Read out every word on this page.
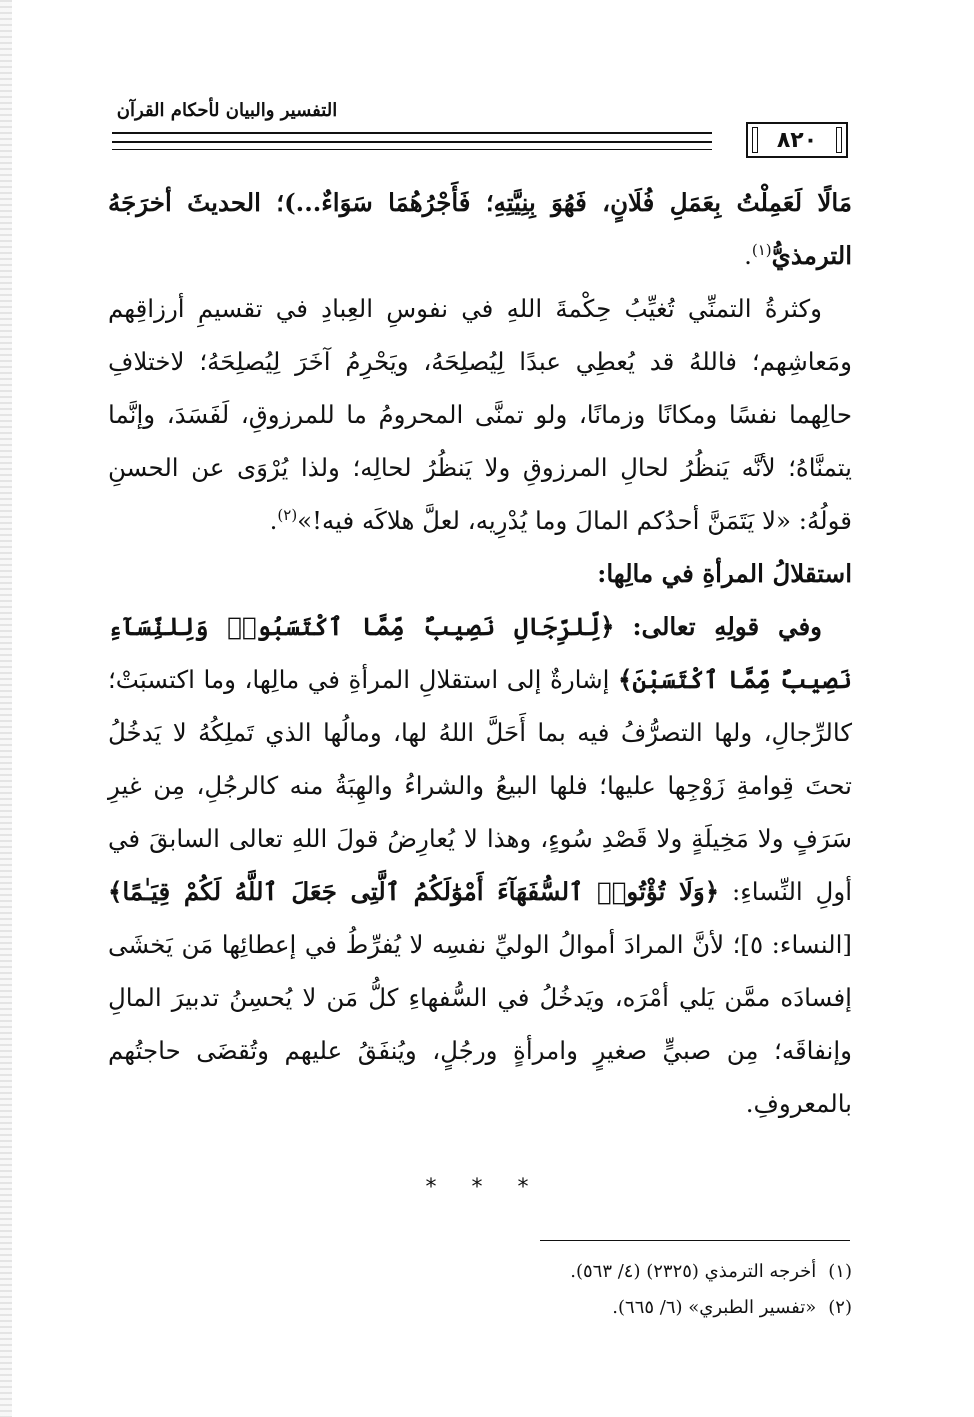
التفسير والبيان لأحكام القرآن
٨٢٠

مَالًا لَعَمِلْتُ بِعَمَلِ فُلَانٍ، فَهُوَ بِنِيَّتِهِ؛ فَأَجْرُهُمَا سَوَاءٌ...)؛ الحديثَ أخرَجَهُ الترمذيُّ$^{(١)}$.

وكثرةُ التمنِّي تُغيِّبُ حِكْمةَ اللهِ في نفوسِ العِبادِ في تقسيمِ أرزاقِهم ومَعاشِهم؛ فاللهُ قد يُعطِي عبدًا لِيُصلِحَهُ، ويَحْرِمُ آخَرَ لِيُصلِحَهُ؛ لاختلافِ حالِهما نفسًا ومكانًا وزمانًا، ولو تمنَّى المحرومُ ما للمرزوقِ، لَفَسَدَ، وإنَّما يتمنَّاهُ؛ لأنَّه يَنظُرُ لحالِ المرزوقِ ولا يَنظُرُ لحالِه؛ ولذا يُرْوَى عن الحسنِ قولُهُ: «لا يَتَمَنَّ أحدُكم المالَ وما يُدْرِيه، لعلَّ هلاكَه فيه!»$^{(٢)}$.

استقلالُ المرأةِ في مالِها:

وفي قولِهِ تعالى: ﴿لِّلرِّجَالِ نَصِيبٌ مِّمَّا ٱكْتَسَبُوا۟ وَلِلنِّسَآءِ نَصِيبٌ مِّمَّا ٱكْتَسَبْنَ﴾ إشارةٌ إلى استقلالِ المرأةِ في مالِها، وما اكتسبَتْ؛ كالرِّجالِ، ولها التصرُّفُ فيه بما أَحَلَّ اللهُ لها، ومالُها الذي تَملِكُهُ لا يَدخُلُ تحتَ قِوامةِ زَوْجِها عليها؛ فلها البيعُ والشراءُ والهِبَةُ منه كالرجُلِ، مِن غيرِ سَرَفٍ ولا مَخِيلَةٍ ولا قَصْدِ سُوءٍ، وهذا لا يُعارِضُ قولَ اللهِ تعالى السابقَ في أولِ النِّساءِ: ﴿وَلَا تُؤْتُوا۟ ٱلسُّفَهَآءَ أَمْوَٰلَكُمُ ٱلَّتِى جَعَلَ ٱللَّهُ لَكُمْ قِيَـٰمًا﴾ [النساء: ٥]؛ لأنَّ المرادَ أموالُ الوليِّ نفسِه لا يُفرِّطُ في إعطائِها مَن يَخشَى إفسادَه ممَّن يَلي أمْرَه، ويَدخُلُ في السُّفهاءِ كلُّ مَن لا يُحسِنُ تدبيرَ المالِ وإنفاقَه؛ مِن صبيٍّ صغيرٍ وامرأةٍ ورجُلٍ، ويُنفَقُ عليهم وتُقضَى حاجتُهم بالمعروفِ.

* * *

(١)أخرجه الترمذي (٢٣٢٥) (٤/ ٥٦٣).

(٢)«تفسير الطبري» (٦/ ٦٦٥).
